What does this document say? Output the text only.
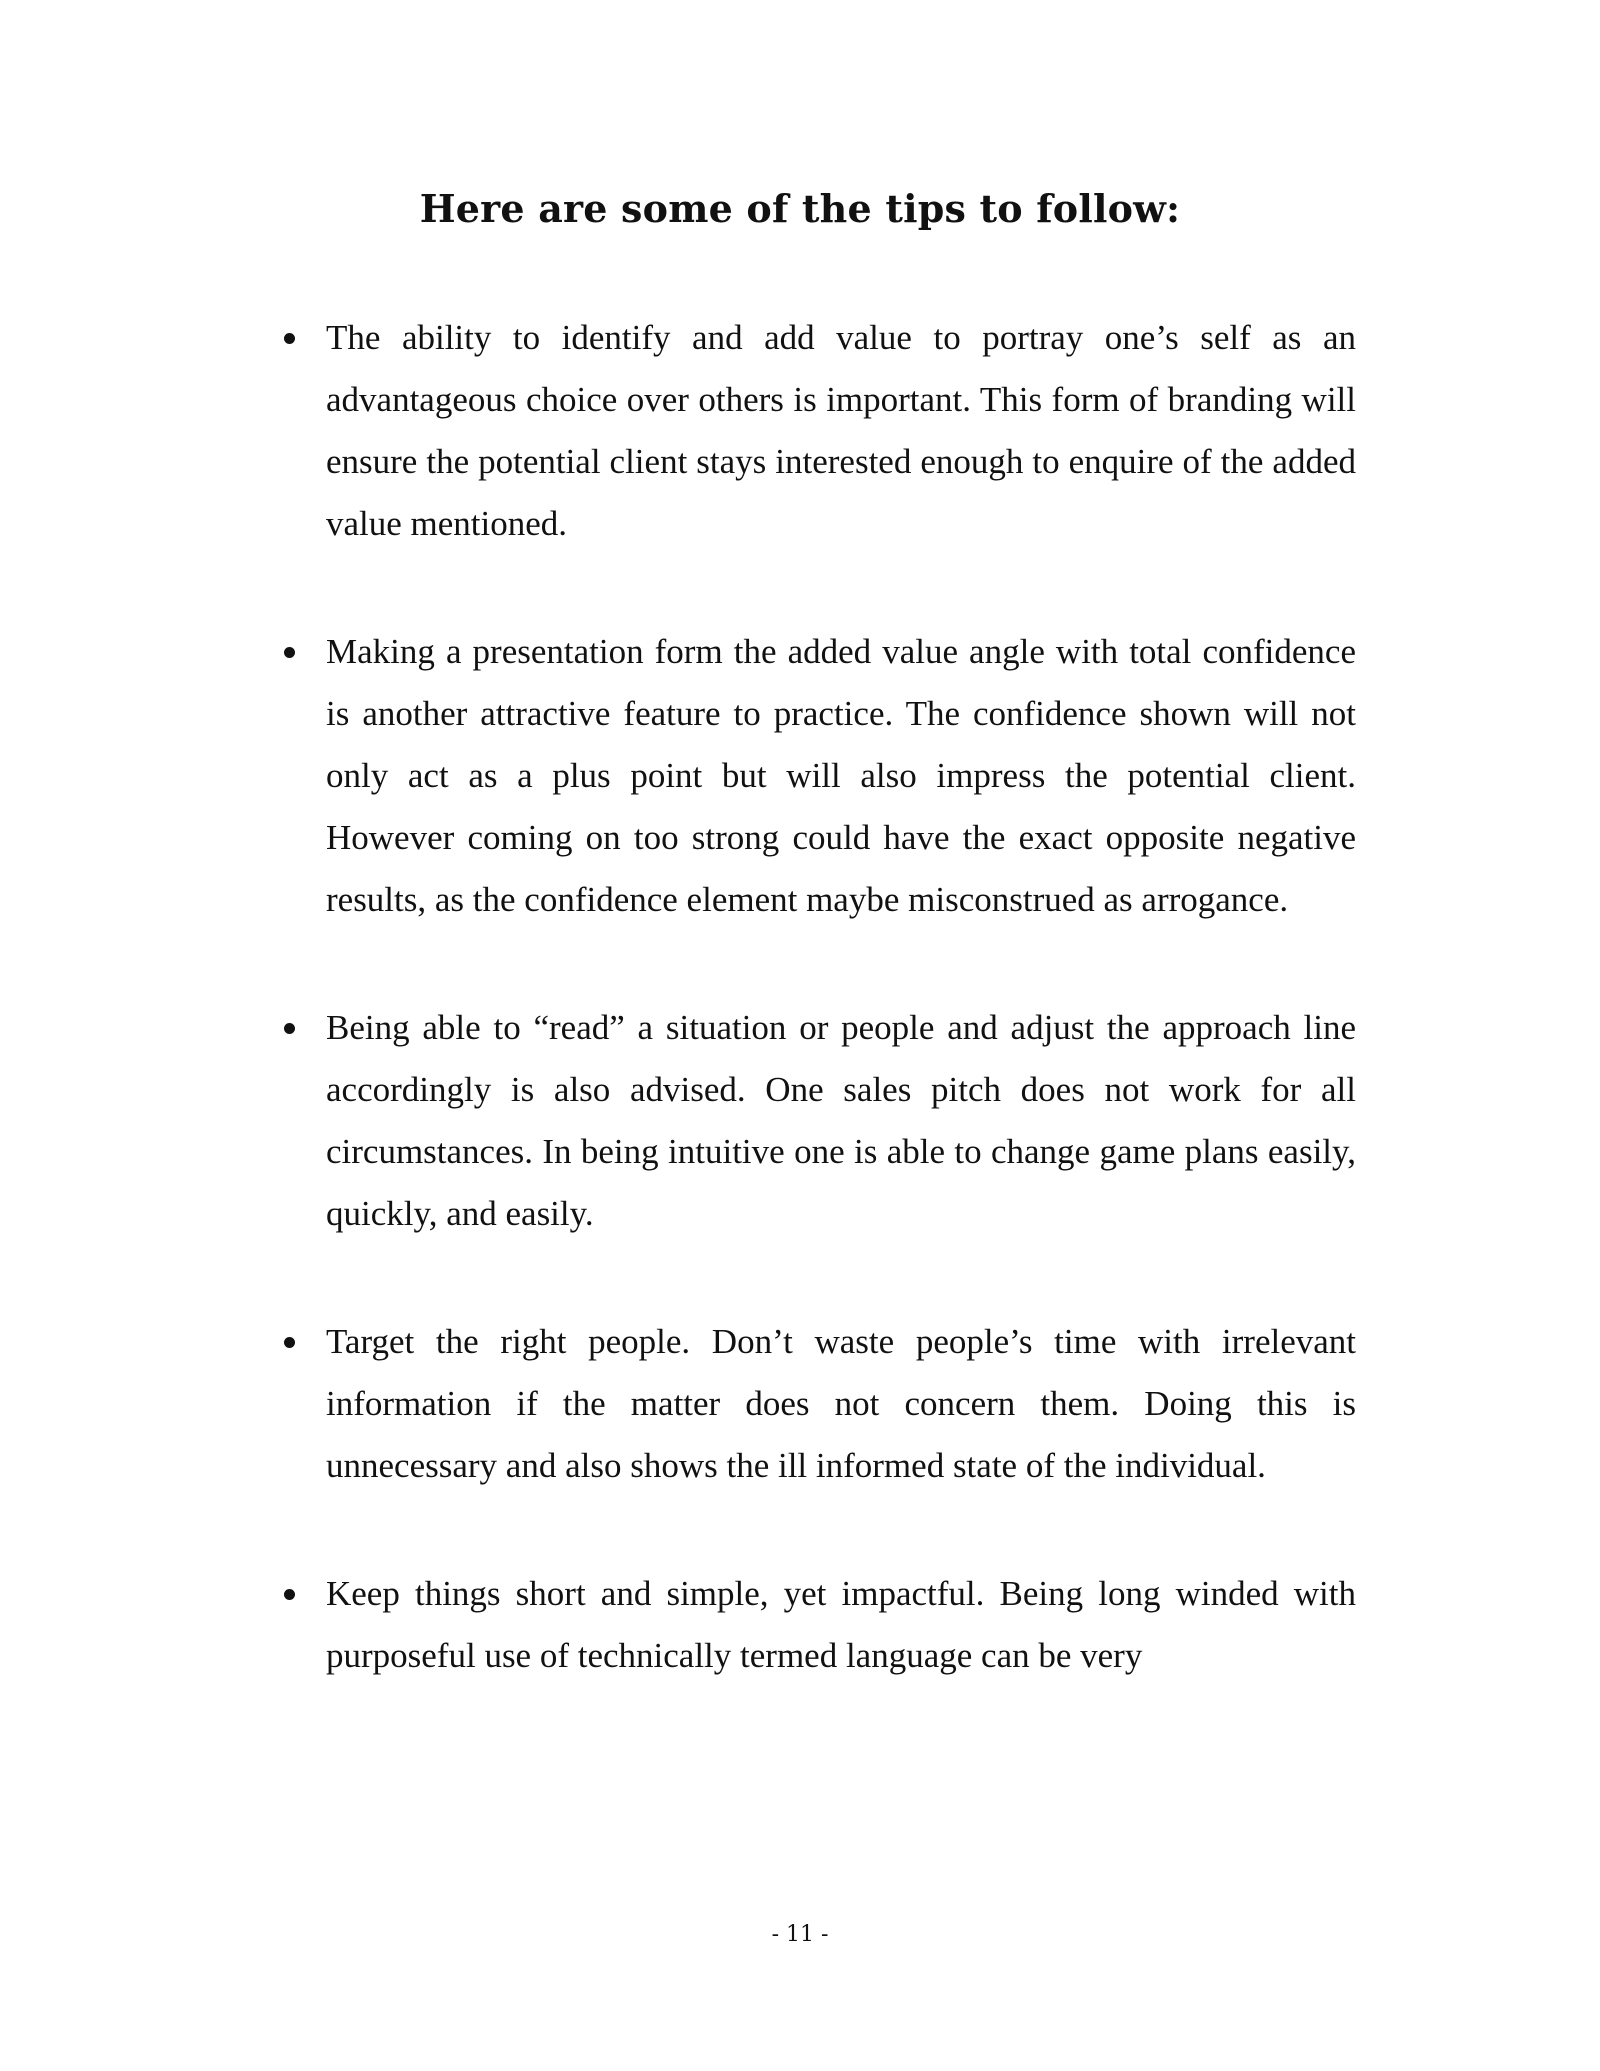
Here are some of the tips to follow:
The ability to identify and add value to portray one’s self as an advantageous choice over others is important. This form of branding will ensure the potential client stays interested enough to enquire of the added value mentioned.
Making a presentation form the added value angle with total confidence is another attractive feature to practice. The confidence shown will not only act as a plus point but will also impress the potential client. However coming on too strong could have the exact opposite negative results, as the confidence element maybe misconstrued as arrogance.
Being able to “read” a situation or people and adjust the approach line accordingly is also advised. One sales pitch does not work for all circumstances. In being intuitive one is able to change game plans easily, quickly, and easily.
Target the right people. Don’t waste people’s time with irrelevant information if the matter does not concern them. Doing this is unnecessary and also shows the ill informed state of the individual.
Keep things short and simple, yet impactful. Being long winded with purposeful use of technically termed language can be very
- 11 -
